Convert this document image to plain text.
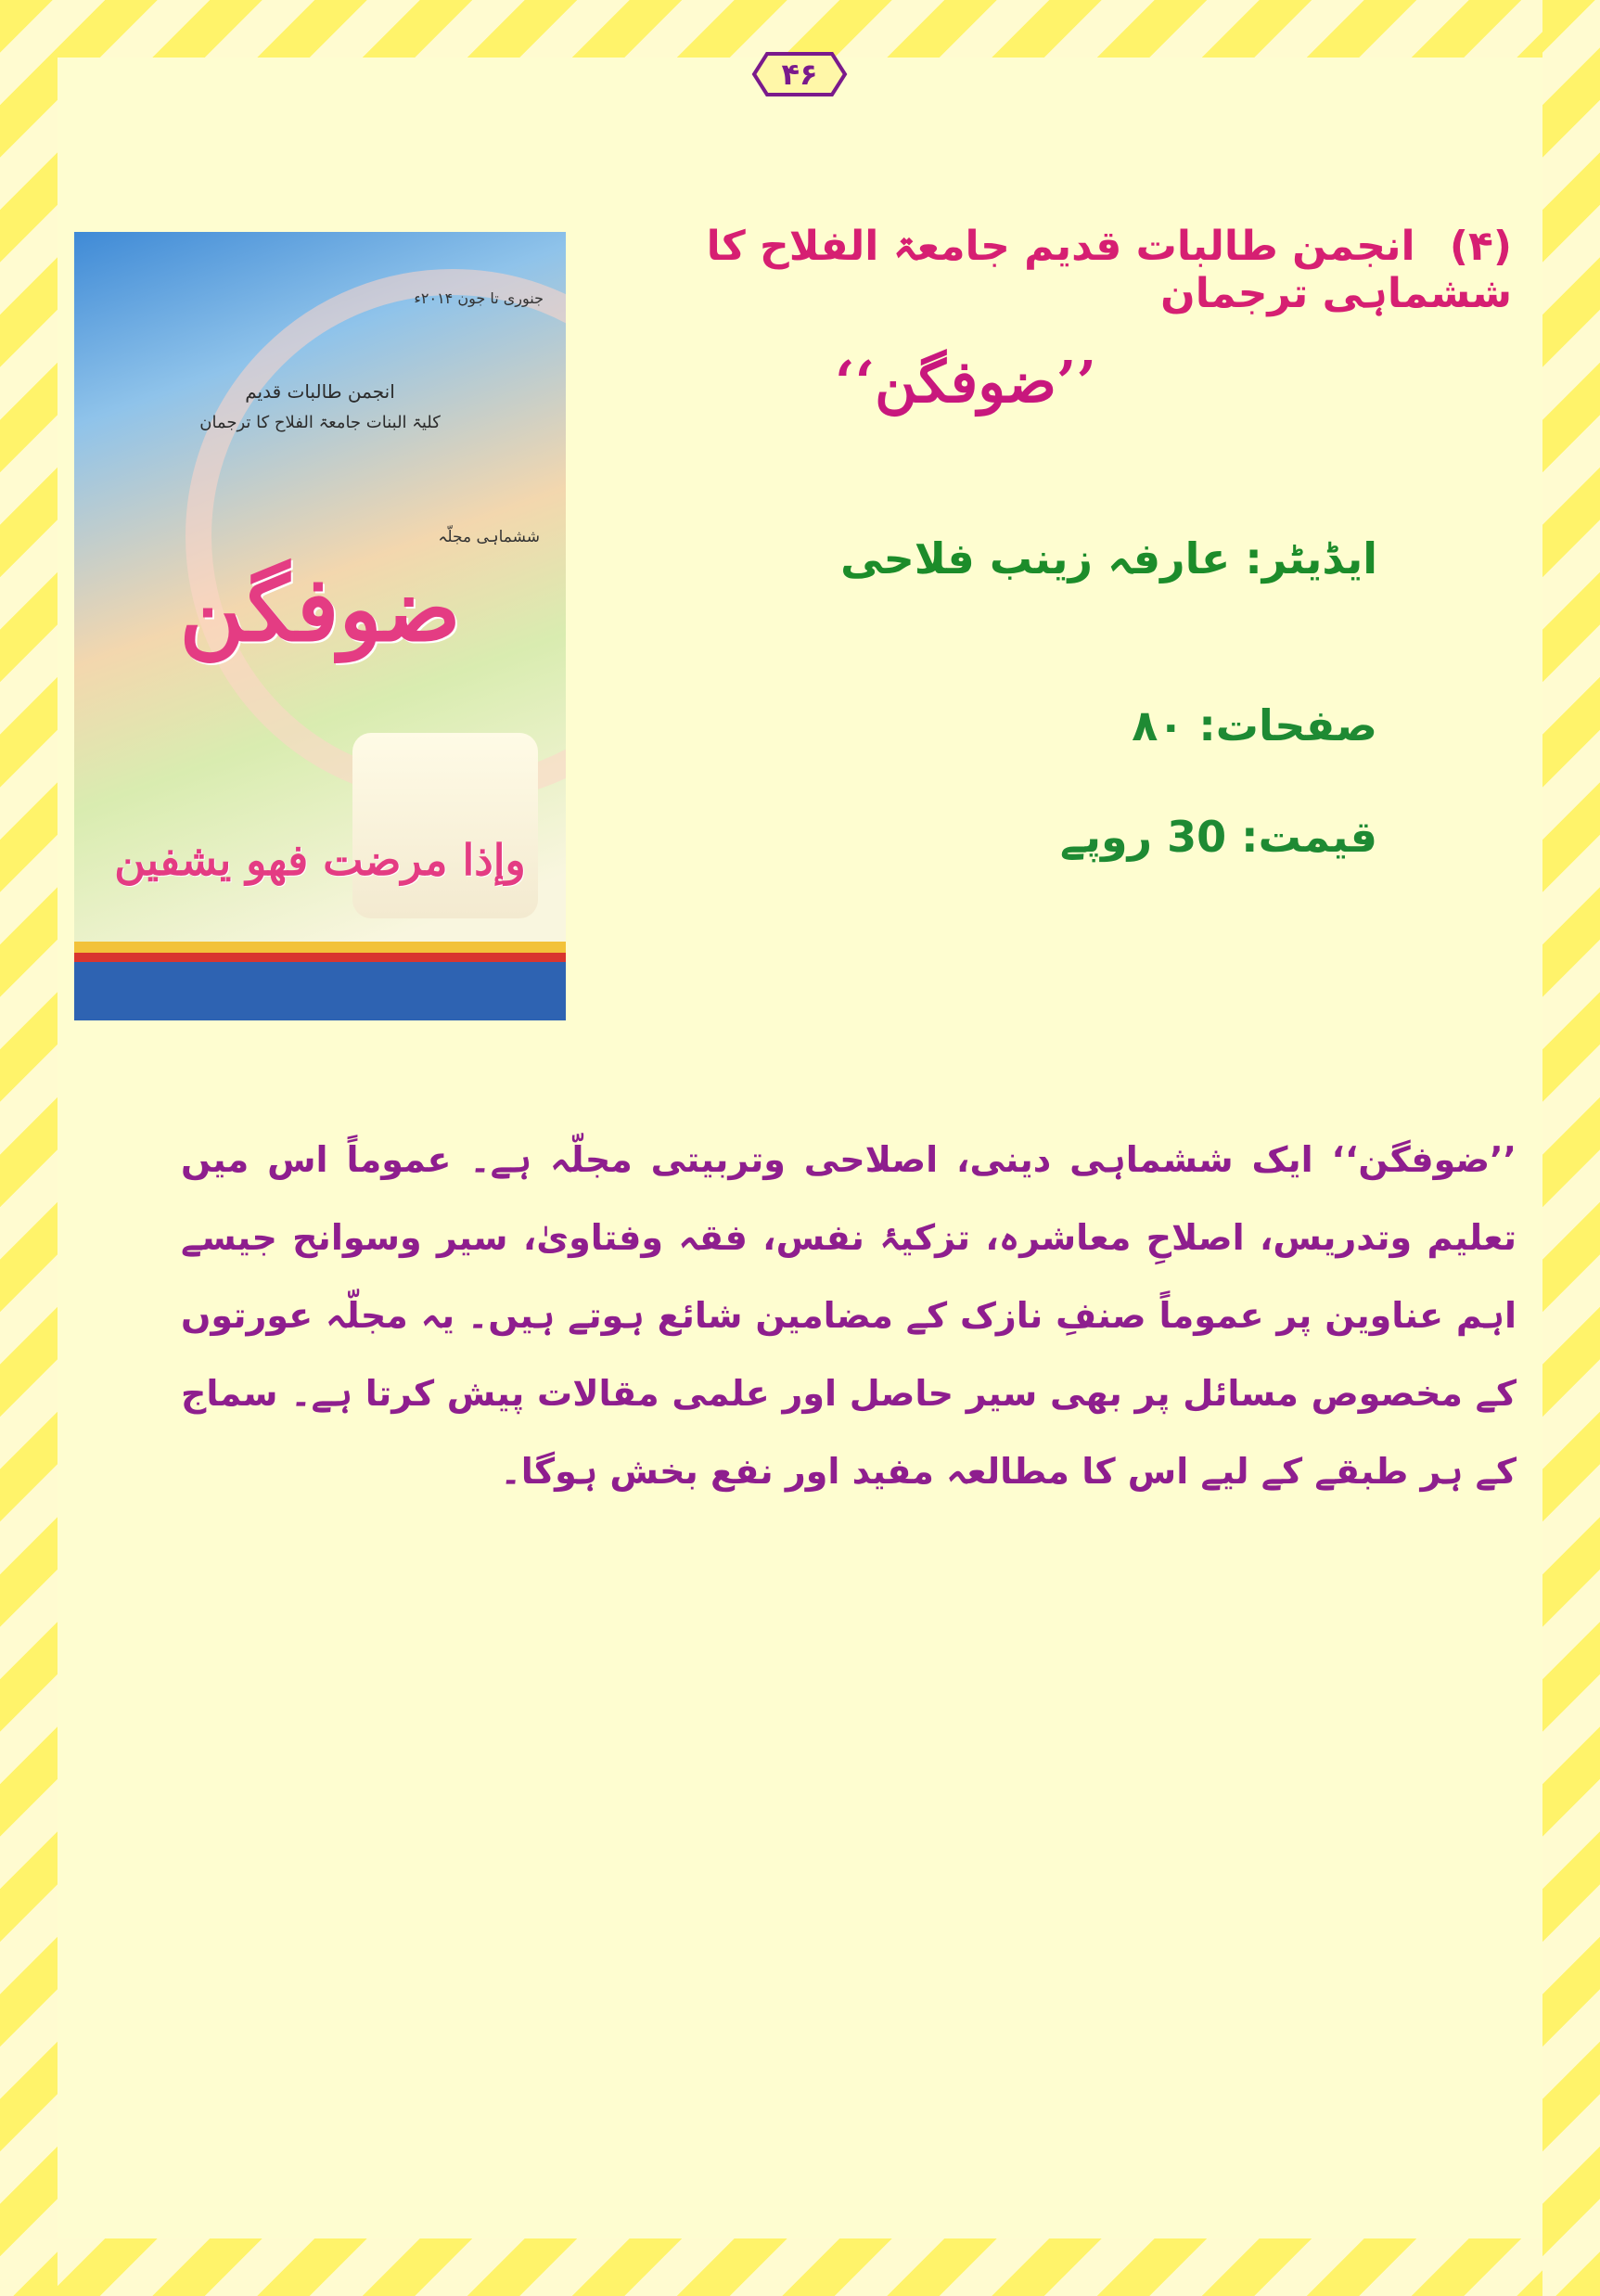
۴۶
جنوری تا جون ۲۰۱۴ء
انجمن طالبات قدیم
کلیۃ البنات جامعۃ الفلاح کا ترجمان
ششماہی مجلّہ
ضوفگن
وإذا مرضت فهو يشفين
(۴) انجمن طالبات قدیم جامعۃ الفلاح کا ششماہی ترجمان
’’ضوفگن‘‘
ایڈیٹر: عارفہ زینب فلاحی
صفحات: ۸۰
قیمت: 30 روپے
’’ضوفگن‘‘ ایک ششماہی دینی، اصلاحی وتربیتی مجلّہ ہے۔ عموماً اس میں تعلیم وتدریس، اصلاحِ معاشرہ، تزکیۂ نفس، فقہ وفتاویٰ، سیر وسوانح جیسے اہم عناوین پر عموماً صنفِ نازک کے مضامین شائع ہوتے ہیں۔ یہ مجلّہ عورتوں کے مخصوص مسائل پر بھی سیر حاصل اور علمی مقالات پیش کرتا ہے۔ سماج کے ہر طبقے کے لیے اس کا مطالعہ مفید اور نفع بخش ہوگا۔
